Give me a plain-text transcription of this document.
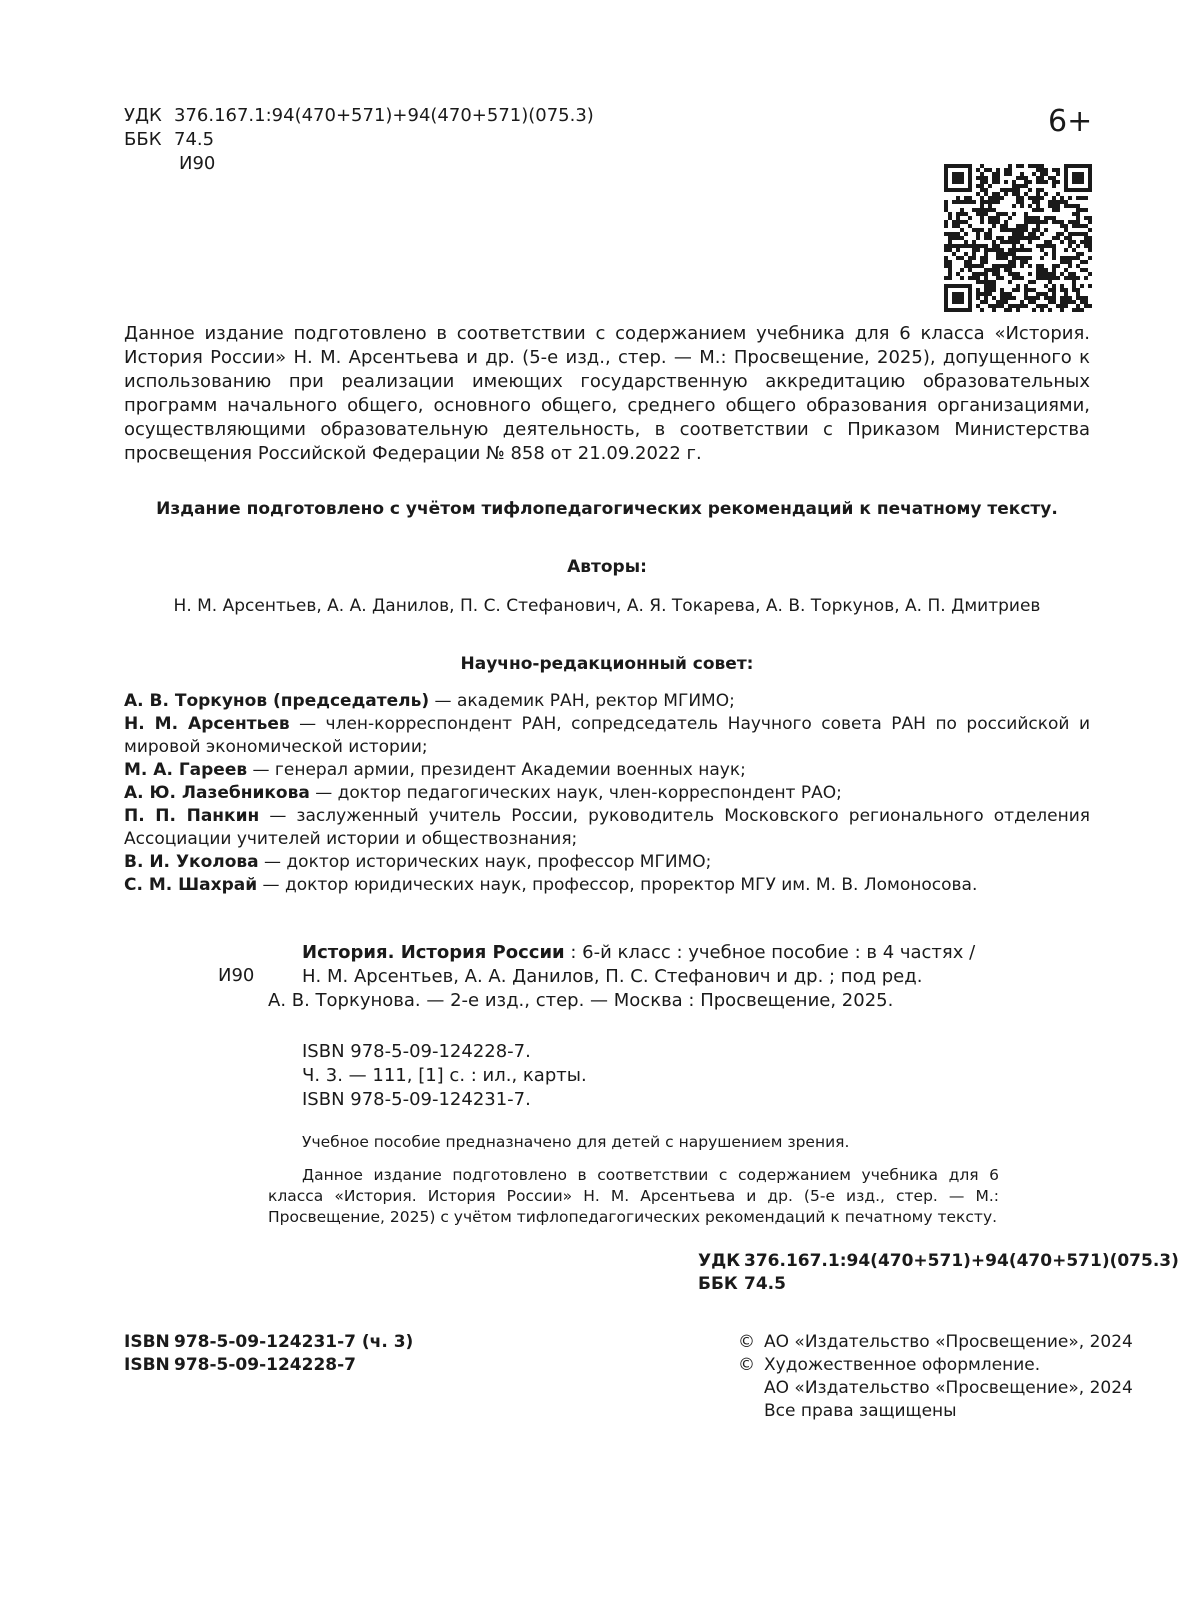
УДК 376.167.1:94(470+571)+94(470+571)(075.3)
ББК 74.5
И90
6+
Данное издание подготовлено в соответствии с содержанием учебника для 6 класса «История. История России» Н. М. Арсентьева и др. (5-е изд., стер. — М.: Просвещение, 2025), допущенного к использованию при реализации имеющих государственную аккредитацию образовательных программ начального общего, основного общего, среднего общего образования организациями, осуществляющими образовательную деятельность, в соответствии с Приказом Министерства просвещения Российской Федерации № 858 от 21.09.2022 г.
Издание подготовлено с учётом тифлопедагогических рекомендаций к печатному тексту.
Авторы:
Н. М. Арсентьев, А. А. Данилов, П. С. Стефанович, А. Я. Токарева, А. В. Торкунов, А. П. Дмитриев
Научно-редакционный совет:

А. В. Торкунов (председатель) — академик РАН, ректор МГИМО;

Н. М. Арсентьев — член-корреспондент РАН, сопредседатель Научного совета РАН по российской и мировой экономической истории;

М. А. Гареев — генерал армии, президент Академии военных наук;

А. Ю. Лазебникова — доктор педагогических наук, член-корреспондент РАО;

П. П. Панкин — заслуженный учитель России, руководитель Московского регионального отделения Ассоциации учителей истории и обществознания;

В. И. Уколова — доктор исторических наук, профессор МГИМО;

С. М. Шахрай — доктор юридических наук, профессор, проректор МГУ им. М. В. Ломоносова.

История. История России : 6-й класс : учебное пособие : в 4 частях /
Н. М. Арсентьев, А. А. Данилов, П. С. Стефанович и др. ; под ред.
А. В. Торкунова. — 2-е изд., стер. — Москва : Просвещение, 2025.
И90
ISBN 978-5-09-124228-7.
Ч. 3. — 111, [1] с. : ил., карты.
ISBN 978-5-09-124231-7.
Учебное пособие предназначено для детей с нарушением зрения.
Данное издание подготовлено в соответствии с содержанием учебника для 6 класса «История. История России» Н. М. Арсентьева и др. (5-е изд., стер. — М.: Просвещение, 2025) с учётом тифлопедагогических рекомендаций к печатному тексту.
УДК 376.167.1:94(470+571)+94(470+571)(075.3)
ББК 74.5
ISBN 978-5-09-124231-7 (ч. 3)
ISBN 978-5-09-124228-7
© АО «Издательство «Просвещение», 2024
© Художественное оформление.
АО «Издательство «Просвещение», 2024
Все права защищены
